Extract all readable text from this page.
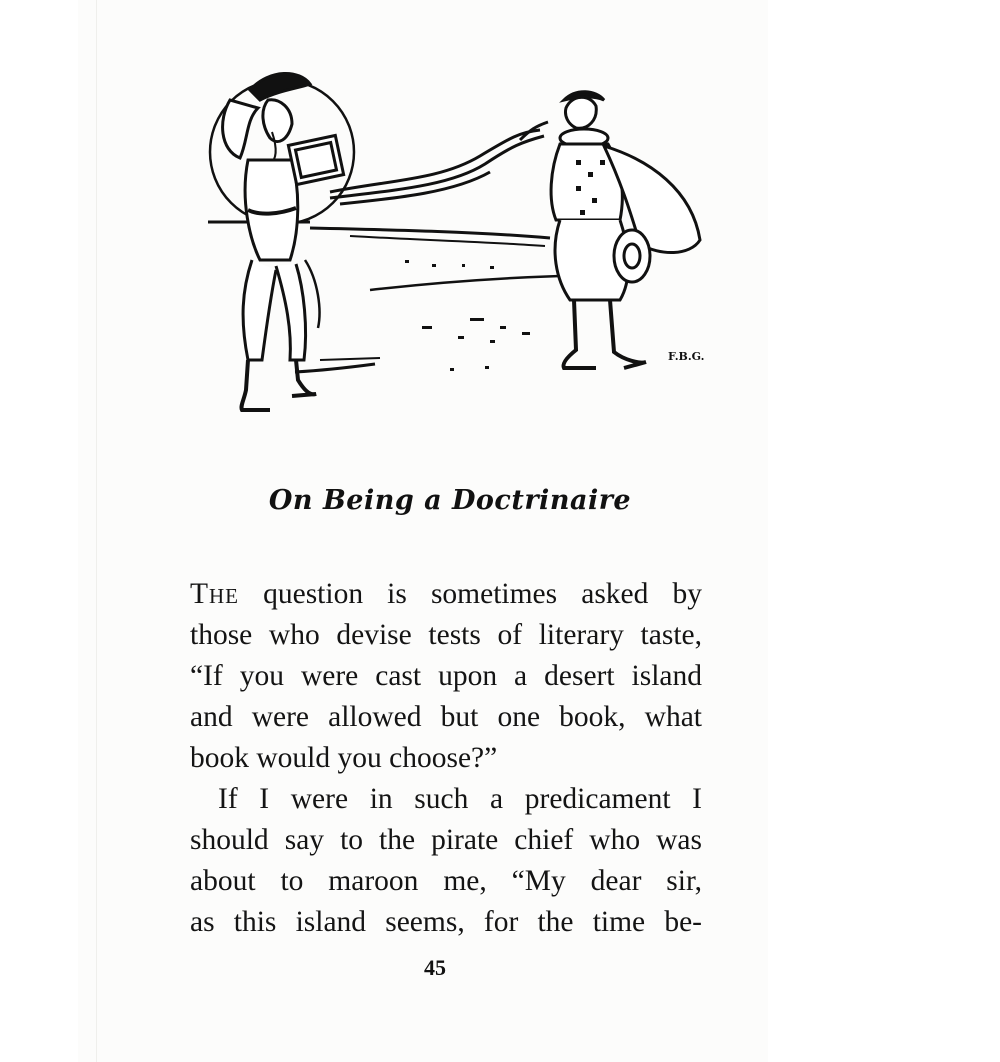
F.B.G.
On Being a Doctrinaire
The question is sometimes asked by
those who devise tests of literary taste,
“If you were cast upon a desert island
and were allowed but one book, what
book would you choose?”
If I were in such a predicament I
should say to the pirate chief who was
about to maroon me, “My dear sir,
as this island seems, for the time be-
45
